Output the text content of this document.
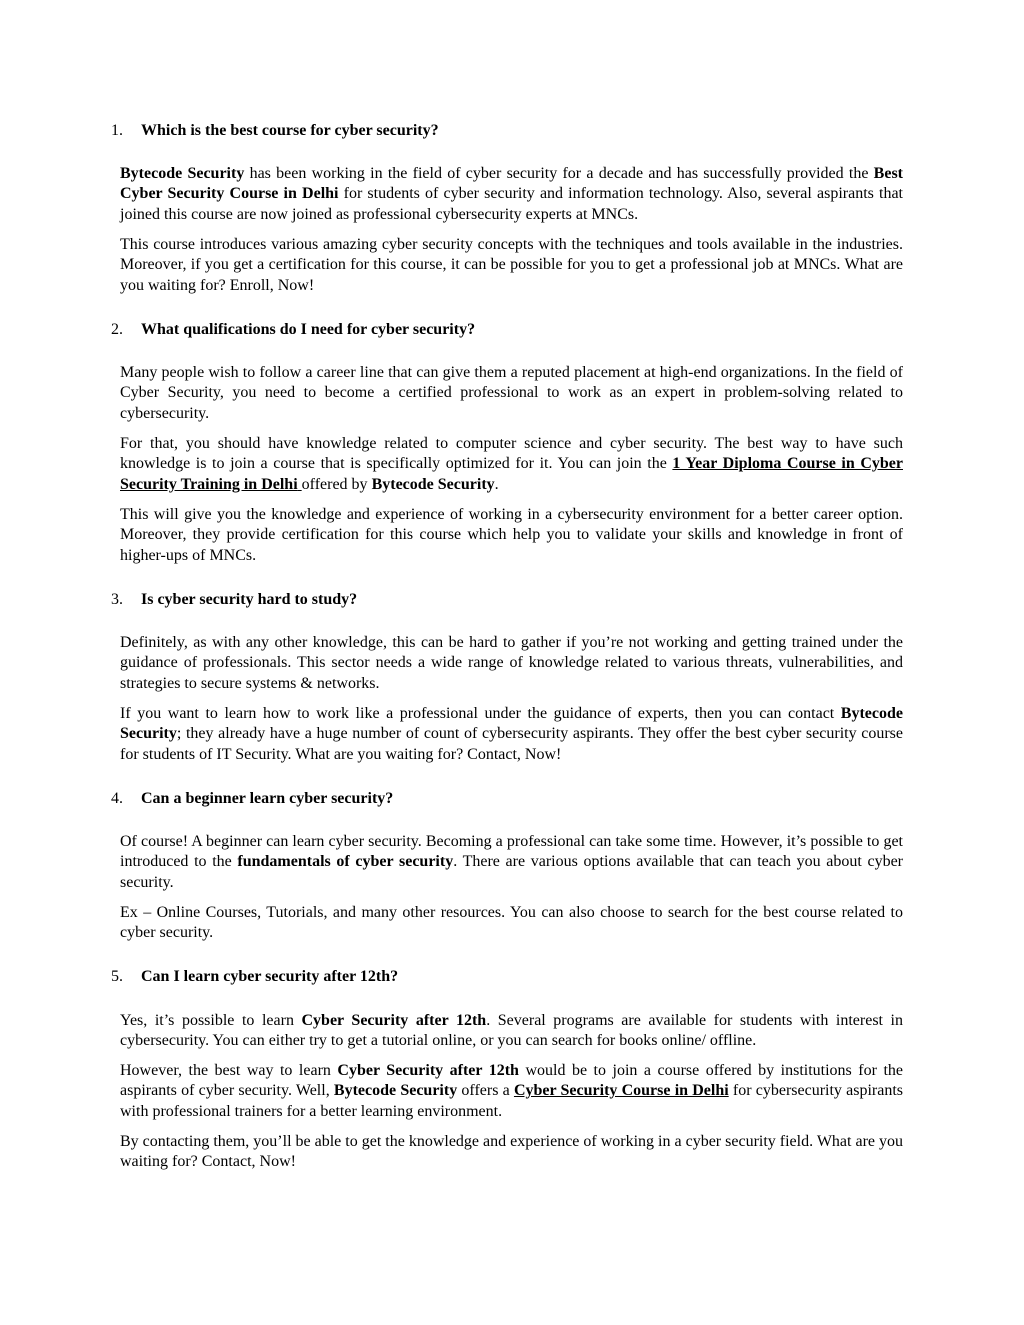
1. Which is the best course for cyber security?

Bytecode Security has been working in the field of cyber security for a decade and has successfully provided the Best Cyber Security Course in Delhi for students of cyber security and information technology. Also, several aspirants that joined this course are now joined as professional cybersecurity experts at MNCs.

This course introduces various amazing cyber security concepts with the techniques and tools available in the industries. Moreover, if you get a certification for this course, it can be possible for you to get a professional job at MNCs. What are you waiting for? Enroll, Now!

2. What qualifications do I need for cyber security?

Many people wish to follow a career line that can give them a reputed placement at high-end organizations. In the field of Cyber Security, you need to become a certified professional to work as an expert in problem-solving related to cybersecurity.

For that, you should have knowledge related to computer science and cyber security. The best way to have such knowledge is to join a course that is specifically optimized for it. You can join the 1 Year Diploma Course in Cyber Security Training in Delhi offered by Bytecode Security.

This will give you the knowledge and experience of working in a cybersecurity environment for a better career option. Moreover, they provide certification for this course which help you to validate your skills and knowledge in front of higher-ups of MNCs.

3. Is cyber security hard to study?

Definitely, as with any other knowledge, this can be hard to gather if you’re not working and getting trained under the guidance of professionals. This sector needs a wide range of knowledge related to various threats, vulnerabilities, and strategies to secure systems & networks.

If you want to learn how to work like a professional under the guidance of experts, then you can contact Bytecode Security; they already have a huge number of count of cybersecurity aspirants. They offer the best cyber security course for students of IT Security. What are you waiting for? Contact, Now!

4. Can a beginner learn cyber security?

Of course! A beginner can learn cyber security. Becoming a professional can take some time. However, it’s possible to get introduced to the fundamentals of cyber security. There are various options available that can teach you about cyber security.

Ex – Online Courses, Tutorials, and many other resources. You can also choose to search for the best course related to cyber security.

5. Can I learn cyber security after 12th?

Yes, it’s possible to learn Cyber Security after 12th. Several programs are available for students with interest in cybersecurity. You can either try to get a tutorial online, or you can search for books online/ offline.

However, the best way to learn Cyber Security after 12th would be to join a course offered by institutions for the aspirants of cyber security. Well, Bytecode Security offers a Cyber Security Course in Delhi for cybersecurity aspirants with professional trainers for a better learning environment.

By contacting them, you’ll be able to get the knowledge and experience of working in a cyber security field. What are you waiting for? Contact, Now!
